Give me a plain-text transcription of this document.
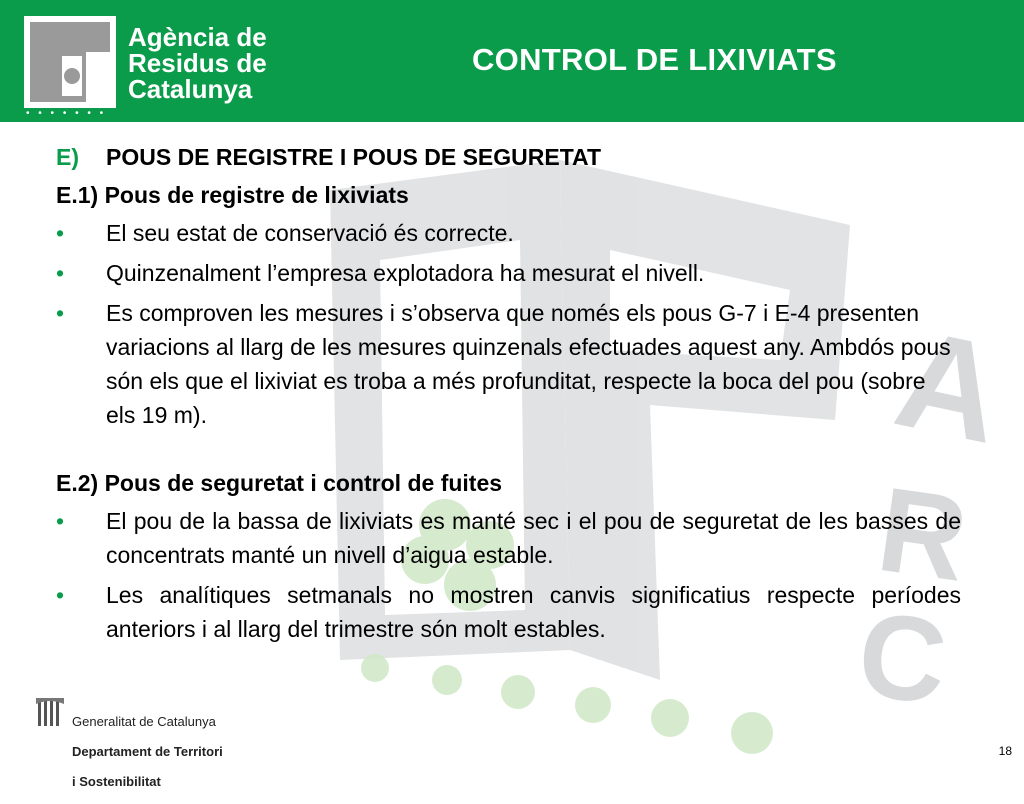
• • • • • • •
Agència de
Residus de
Catalunya
CONTROL DE LIXIVIATS
A
R
C

E) POUS DE REGISTRE I POUS DE SEGURETAT

E.1) Pous de registre de lixiviats

• El seu estat de conservació és correcte.
• Quinzenalment l’empresa explotadora ha mesurat el nivell.
• Es comproven les mesures i s’observa que només els pous G-7 i E-4 presenten variacions al llarg de les mesures quinzenals efectuades aquest any. Ambdós pous són els que el lixiviat es troba a més profunditat, respecte la boca del pou (sobre els 19 m).

E.2) Pous de seguretat i control de fuites

• El pou de la bassa de lixiviats es manté sec i el pou de seguretat de les basses de concentrats manté un nivell d’aigua estable.
• Les analítiques setmanals no mostren canvis significatius respecte períodes anteriors i al llarg del trimestre són molt estables.

Generalitat de Catalunya

Departament de Territori

i Sostenibilitat

18
